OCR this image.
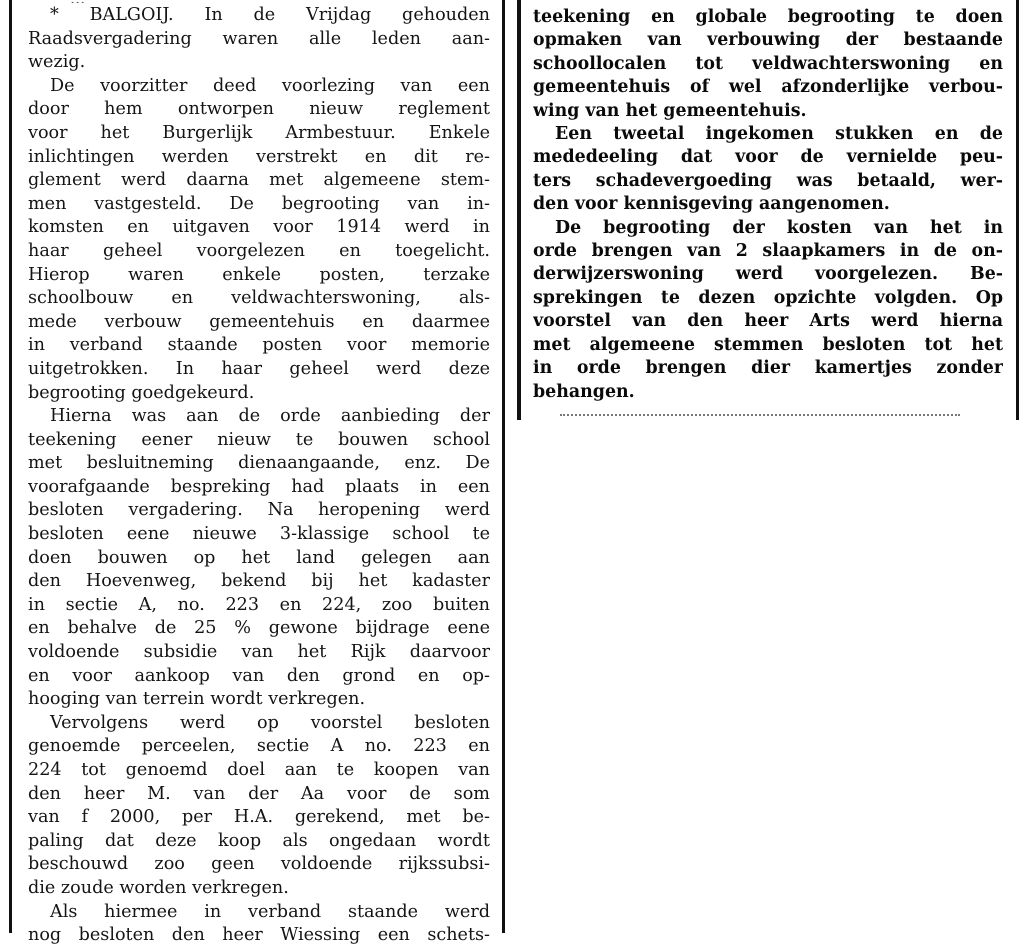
* BALGOIJ. In de Vrijdag gehouden
Raadsvergadering waren alle leden aan-
wezig.
De voorzitter deed voorlezing van een
door hem ontworpen nieuw reglement
voor het Burgerlijk Armbestuur. Enkele
inlichtingen werden verstrekt en dit re-
glement werd daarna met algemeene stem-
men vastgesteld. De begrooting van in-
komsten en uitgaven voor 1914 werd in
haar geheel voorgelezen en toegelicht.
Hierop waren enkele posten, terzake
schoolbouw en veldwachterswoning, als-
mede verbouw gemeentehuis en daarmee
in verband staande posten voor memorie
uitgetrokken. In haar geheel werd deze
begrooting goedgekeurd.
Hierna was aan de orde aanbieding der
teekening eener nieuw te bouwen school
met besluitneming dienaangaande, enz. De
voorafgaande bespreking had plaats in een
besloten vergadering. Na heropening werd
besloten eene nieuwe 3-klassige school te
doen bouwen op het land gelegen aan
den Hoevenweg, bekend bij het kadaster
in sectie A, no. 223 en 224, zoo buiten
en behalve de 25 % gewone bijdrage eene
voldoende subsidie van het Rijk daarvoor
en voor aankoop van den grond en op-
hooging van terrein wordt verkregen.
Vervolgens werd op voorstel besloten
genoemde perceelen, sectie A no. 223 en
224 tot genoemd doel aan te koopen van
den heer M. van der Aa voor de som
van f 2000, per H.A. gerekend, met be-
paling dat deze koop als ongedaan wordt
beschouwd zoo geen voldoende rijkssubsi-
die zoude worden verkregen.
Als hiermee in verband staande werd
nog besloten den heer Wiessing een schets-
teekening en globale begrooting te doen
opmaken van verbouwing der bestaande
schoollocalen tot veldwachterswoning en
gemeentehuis of wel afzonderlijke verbou-
wing van het gemeentehuis.
Een tweetal ingekomen stukken en de
mededeeling dat voor de vernielde peu-
ters schadevergoeding was betaald, wer-
den voor kennisgeving aangenomen.
De begrooting der kosten van het in
orde brengen van 2 slaapkamers in de on-
derwijzerswoning werd voorgelezen. Be-
sprekingen te dezen opzichte volgden. Op
voorstel van den heer Arts werd hierna
met algemeene stemmen besloten tot het
in orde brengen dier kamertjes zonder
behangen.
